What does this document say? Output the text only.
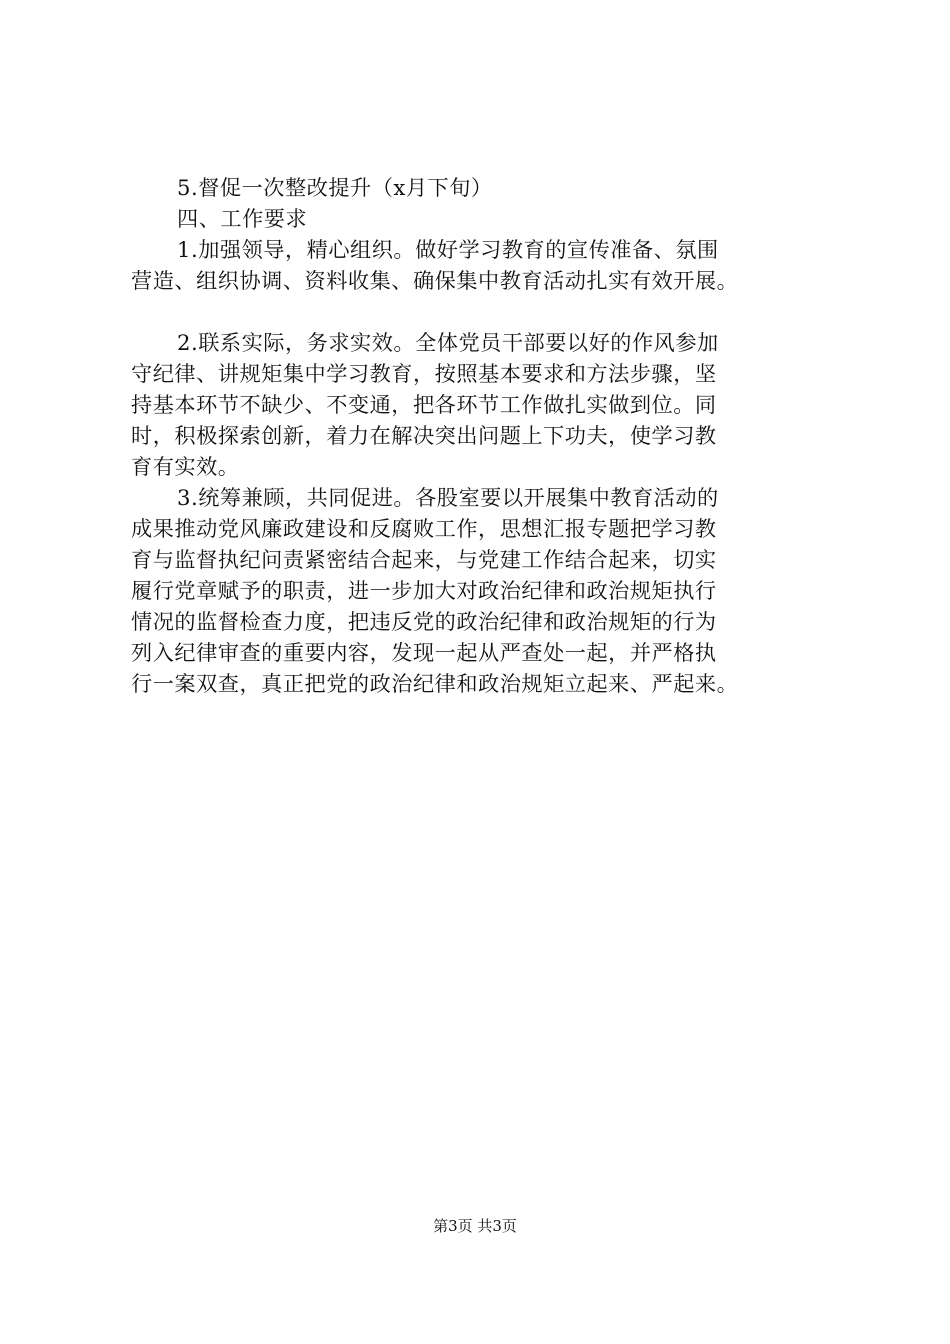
5.督促一次整改提升（x月下旬）
四、工作要求
1.加强领导，精心组织。做好学习教育的宣传准备、氛围
营造、组织协调、资料收集、确保集中教育活动扎实有效开展。
2.联系实际，务求实效。全体党员干部要以好的作风参加
守纪律、讲规矩集中学习教育，按照基本要求和方法步骤，坚
持基本环节不缺少、不变通，把各环节工作做扎实做到位。同
时，积极探索创新，着力在解决突出问题上下功夫，使学习教
育有实效。
3.统筹兼顾，共同促进。各股室要以开展集中教育活动的
成果推动党风廉政建设和反腐败工作，思想汇报专题把学习教
育与监督执纪问责紧密结合起来，与党建工作结合起来，切实
履行党章赋予的职责，进一步加大对政治纪律和政治规矩执行
情况的监督检查力度，把违反党的政治纪律和政治规矩的行为
列入纪律审查的重要内容，发现一起从严查处一起，并严格执
行一案双查，真正把党的政治纪律和政治规矩立起来、严起来。
第3页 共3页
